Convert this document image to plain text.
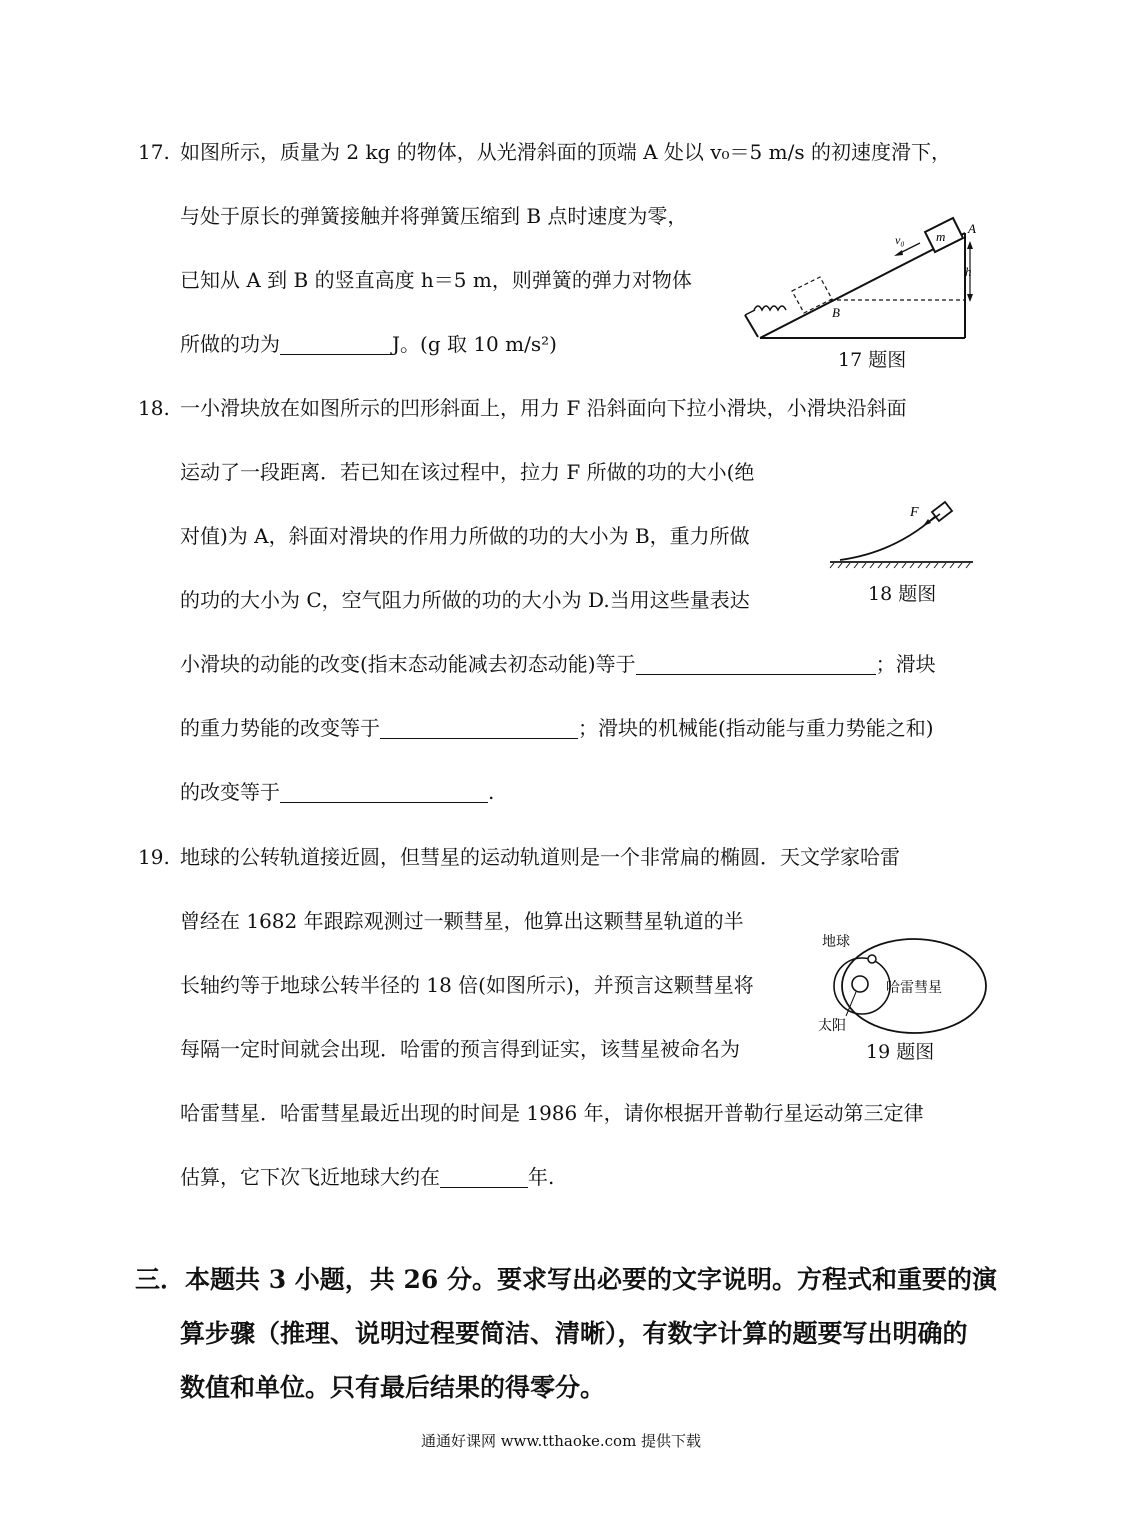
17. 如图所示，质量为 2 kg 的物体，从光滑斜面的顶端 A 处以 v₀＝5 m/s 的初速度滑下，
与处于原长的弹簧接触并将弹簧压缩到 B 点时速度为零，
已知从 A 到 B 的竖直高度 h＝5 m，则弹簧的弹力对物体
所做的功为	J。(g 取 10 m/s²)
m
A
v₀
h
B
17 题图
18. 一小滑块放在如图所示的凹形斜面上，用力 F 沿斜面向下拉小滑块，小滑块沿斜面
运动了一段距离．若已知在该过程中，拉力 F 所做的功的大小(绝
对值)为 A，斜面对滑块的作用力所做的功的大小为 B，重力所做
的功的大小为 C，空气阻力所做的功的大小为 D.当用这些量表达
小滑块的动能的改变(指末态动能减去初态动能)等于	；滑块
的重力势能的改变等于	；滑块的机械能(指动能与重力势能之和)
的改变等于	.
F
18 题图
19. 地球的公转轨道接近圆，但彗星的运动轨道则是一个非常扁的椭圆．天文学家哈雷
曾经在 1682 年跟踪观测过一颗彗星，他算出这颗彗星轨道的半
长轴约等于地球公转半径的 18 倍(如图所示)，并预言这颗彗星将
每隔一定时间就会出现．哈雷的预言得到证实，该彗星被命名为
哈雷彗星．哈雷彗星最近出现的时间是 1986 年，请你根据开普勒行星运动第三定律
估算，它下次飞近地球大约在	年.
地球
哈雷彗星
太阳
19 题图
三．本题共 3 小题，共 26 分。要求写出必要的文字说明。方程式和重要的演
算步骤（推理、说明过程要简洁、清晰），有数字计算的题要写出明确的
数值和单位。只有最后结果的得零分。
通通好课网 www.tthaoke.com 提供下载
